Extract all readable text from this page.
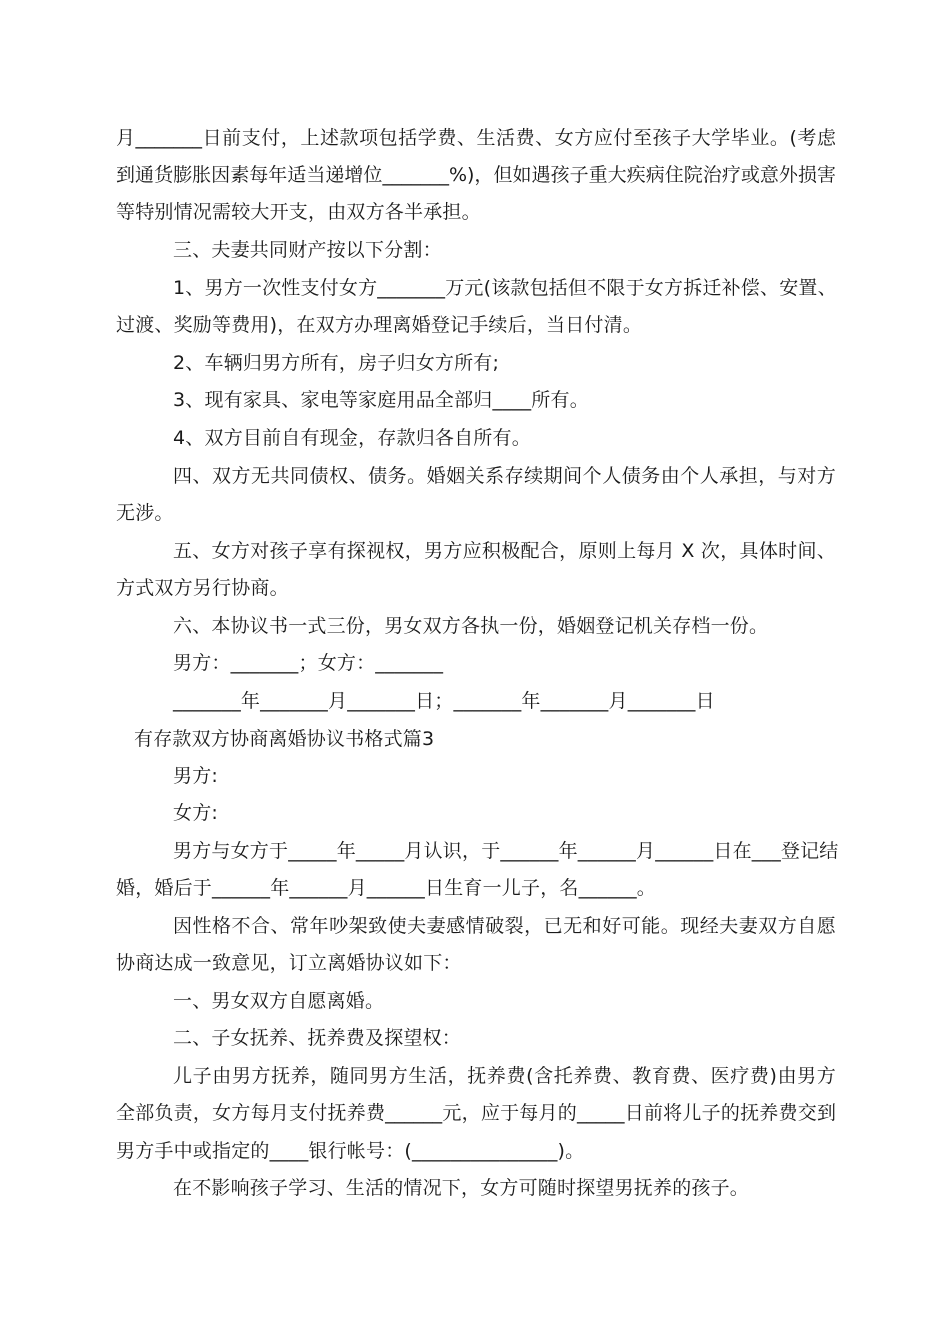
月_______日前支付，上述款项包括学费、生活费、女方应付至孩子大学毕业。(考虑
到通货膨胀因素每年适当递增位_______%)，但如遇孩子重大疾病住院治疗或意外损害
等特别情况需较大开支，由双方各半承担。
三、夫妻共同财产按以下分割：
1、男方一次性支付女方_______万元(该款包括但不限于女方拆迁补偿、安置、
过渡、奖励等费用)，在双方办理离婚登记手续后，当日付清。
2、车辆归男方所有，房子归女方所有;
3、现有家具、家电等家庭用品全部归____所有。
4、双方目前自有现金，存款归各自所有。
四、双方无共同债权、债务。婚姻关系存续期间个人债务由个人承担，与对方
无涉。
五、女方对孩子享有探视权，男方应积极配合，原则上每月 X 次，具体时间、
方式双方另行协商。
六、本协议书一式三份，男女双方各执一份，婚姻登记机关存档一份。
男方：_______；女方：_______
_______年_______月_______日；_______年_______月_______日
有存款双方协商离婚协议书格式篇3
男方:
女方:
男方与女方于_____年_____月认识，于______年______月______日在___登记结
婚，婚后于______年______月______日生育一儿子，名______。
因性格不合、常年吵架致使夫妻感情破裂，已无和好可能。现经夫妻双方自愿
协商达成一致意见，订立离婚协议如下：
一、男女双方自愿离婚。
二、子女抚养、抚养费及探望权：
儿子由男方抚养，随同男方生活，抚养费(含托养费、教育费、医疗费)由男方
全部负责，女方每月支付抚养费______元，应于每月的_____日前将儿子的抚养费交到
男方手中或指定的____银行帐号：(_______________)。
在不影响孩子学习、生活的情况下，女方可随时探望男抚养的孩子。
